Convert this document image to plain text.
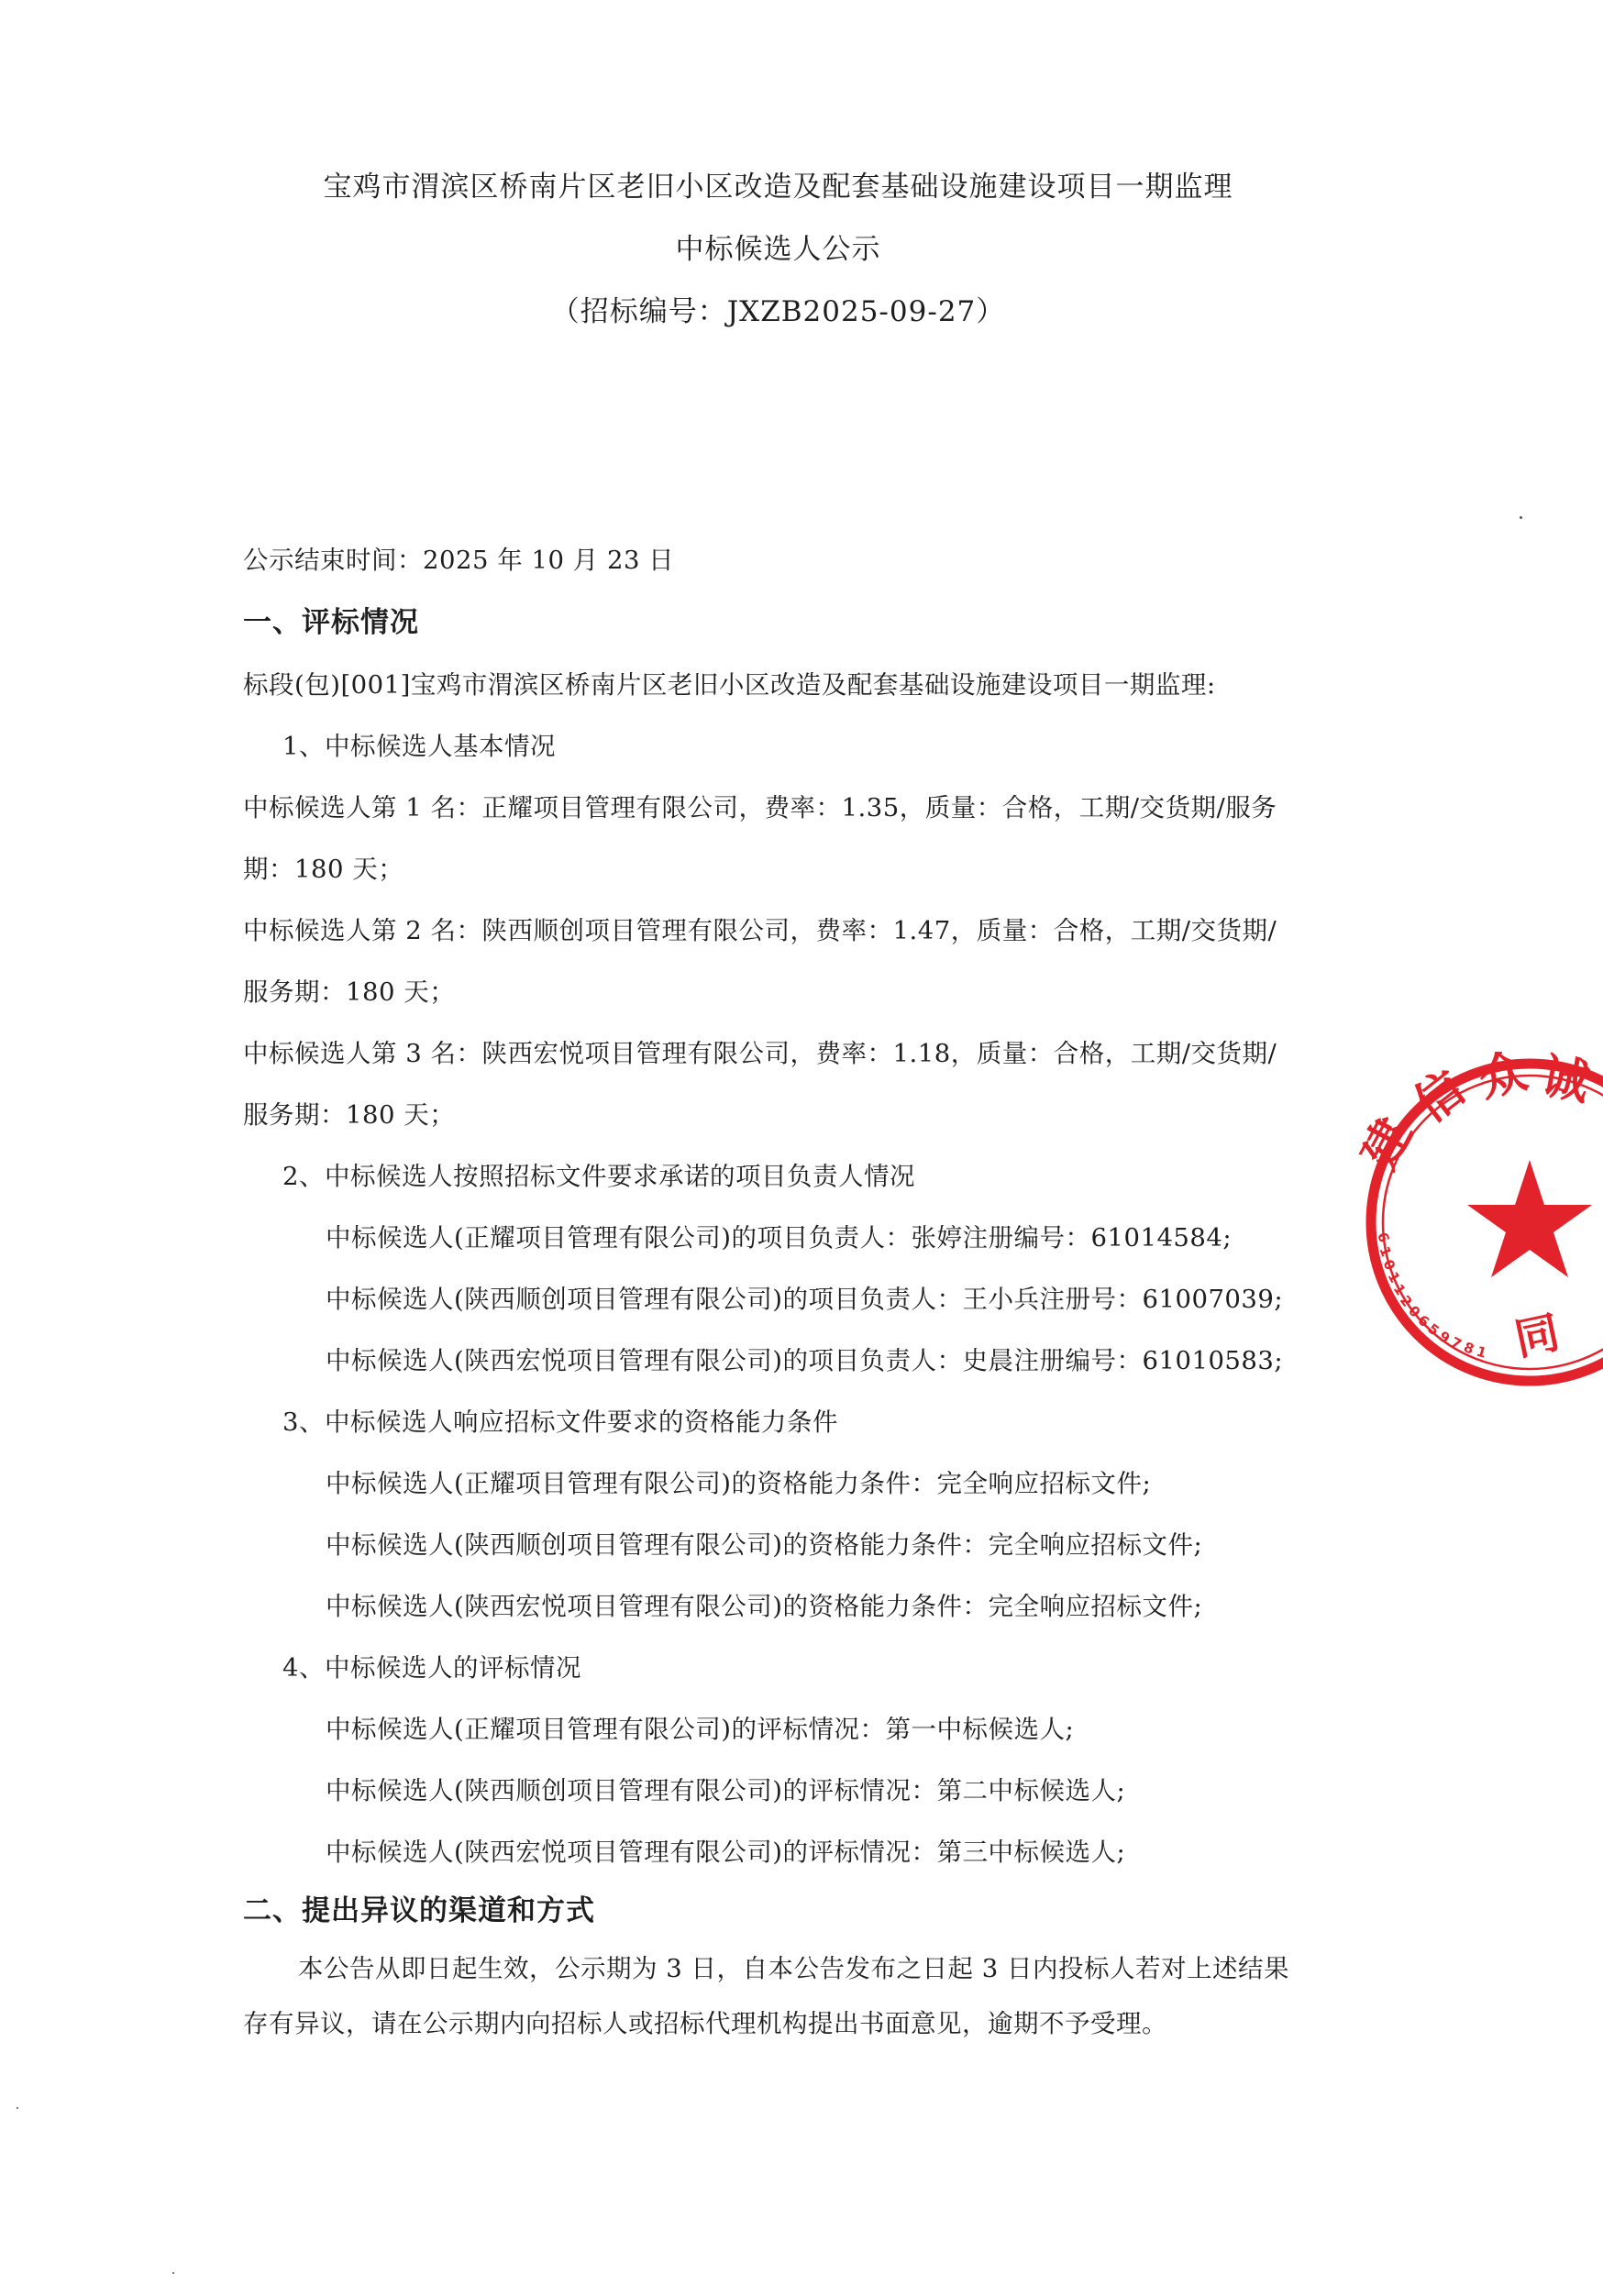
宝鸡市渭滨区桥南片区老旧小区改造及配套基础设施建设项目一期监理
中标候选人公示
（招标编号：JXZB2025-09-27）
公示结束时间：2025 年 10 月 23 日
一、评标情况
标段(包)[001]宝鸡市渭滨区桥南片区老旧小区改造及配套基础设施建设项目一期监理:
1、中标候选人基本情况
中标候选人第 1 名：正耀项目管理有限公司，费率：1.35，质量：合格，工期/交货期/服务
期：180 天；
中标候选人第 2 名：陕西顺创项目管理有限公司，费率：1.47，质量：合格，工期/交货期/
服务期：180 天；
中标候选人第 3 名：陕西宏悦项目管理有限公司，费率：1.18，质量：合格，工期/交货期/
服务期：180 天；
2、中标候选人按照招标文件要求承诺的项目负责人情况
中标候选人(正耀项目管理有限公司)的项目负责人：张婷注册编号：61014584;
中标候选人(陕西顺创项目管理有限公司)的项目负责人：王小兵注册号：61007039;
中标候选人(陕西宏悦项目管理有限公司)的项目负责人：史晨注册编号：61010583;
3、中标候选人响应招标文件要求的资格能力条件
中标候选人(正耀项目管理有限公司)的资格能力条件：完全响应招标文件;
中标候选人(陕西顺创项目管理有限公司)的资格能力条件：完全响应招标文件;
中标候选人(陕西宏悦项目管理有限公司)的资格能力条件：完全响应招标文件;
4、中标候选人的评标情况
中标候选人(正耀项目管理有限公司)的评标情况：第一中标候选人;
中标候选人(陕西顺创项目管理有限公司)的评标情况：第二中标候选人;
中标候选人(陕西宏悦项目管理有限公司)的评标情况：第三中标候选人;
二、提出异议的渠道和方式
本公告从即日起生效，公示期为 3 日，自本公告发布之日起 3 日内投标人若对上述结果
存有异议，请在公示期内向招标人或招标代理机构提出书面意见，逾期不予受理。
建
信
众 诚
6
1
0
1
1
2
0
6
5
9
7
8
1 同
